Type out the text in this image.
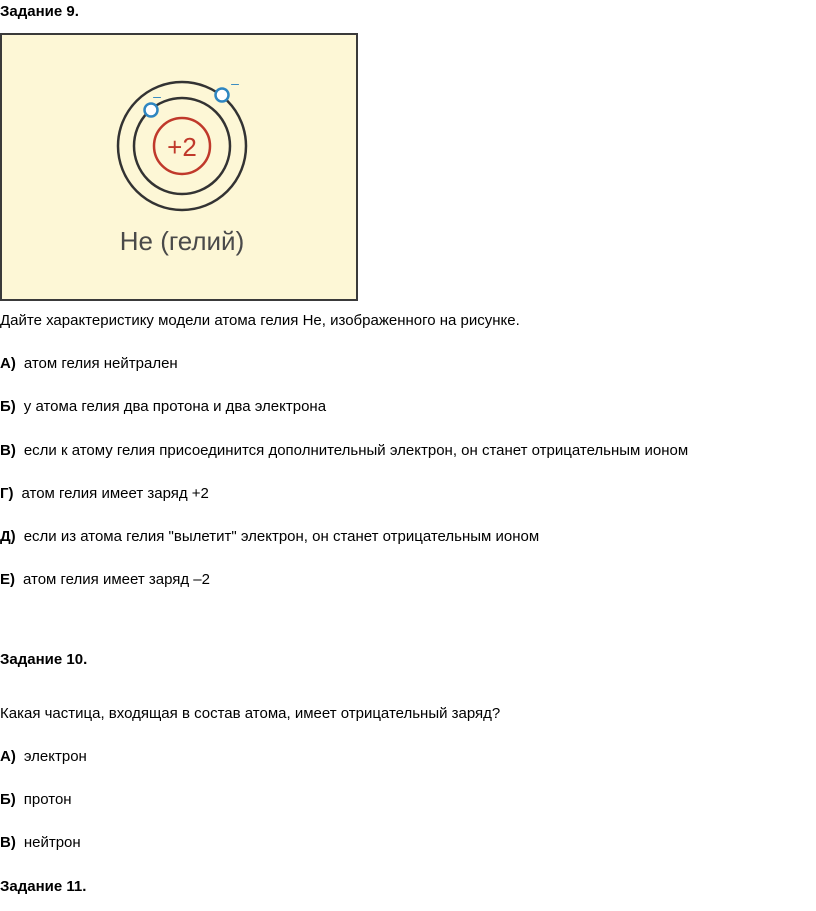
Задание 9.
+2
–
–
He (гелий)
Дайте характеристику модели атома гелия He, изображенного на рисунке.
А) атом гелия нейтрален
Б) у атома гелия два протона и два электрона
В) если к атому гелия присоединится дополнительный электрон, он станет отрицательным ионом
Г) атом гелия имеет заряд +2
Д) если из атома гелия "вылетит" электрон, он станет отрицательным ионом
Е) атом гелия имеет заряд –2
Задание 10.
Какая частица, входящая в состав атома, имеет отрицательный заряд?
А) электрон
Б) протон
В) нейтрон
Задание 11.
